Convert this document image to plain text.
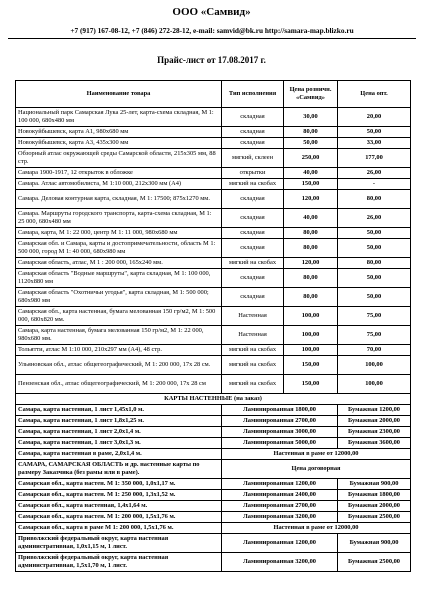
ООО «Самвид»
+7 (917) 167-08-12, +7 (846) 272-28-12, e-mail: samvid@bk.ru http://samara-map.blizko.ru
Прайс-лист от 17.08.2017 г.
Наименование товара	Тип исполнения	Цена розничн. «Самвид»	Цена опт.
Национальный парк Самарская Лука 25-лет, карта-схема складная, М 1: 100 000, 680x480 мм	складная	30,00	20,00
Новокуйбышевск, карта А1, 980x680 мм	складная	80,00	50,00
Новокуйбышевск, карта А3, 435x300 мм	складная	50,00	33,00
Обзорный атлас окружающей среды Самарской области, 215x305 мм, 88 стр.	мягкий, склеен	250,00	177,00
Самара 1900-1917, 12 открыток в обложке	открытки	40,00	26,00
Самара. Атлас автомобилиста, М 1:10 000, 212x300 мм (А4)	мягкий на скобах	150,00	-
Самара. Деловая контурная карта, складная, М 1: 17500; 875x1270 мм.	складная	120,00	80,00
Самара. Маршруты городского транспорта, карта-схема складная, М 1: 25 000, 680x480 мм	складная	40,00	26,00
Самара, карта, М 1: 22 000, центр М 1: 11 000, 980x680 мм	складная	80,00	50,00
Самарская обл. и Самара, карты и достопримечательности, область М 1: 500 000, город М 1: 40 000, 680x980 мм	складная	80,00	50,00
Самарская область, атлас, М 1 : 200 000, 165x240 мм.	мягкий на скобах	120,00	80,00
Самарская область "Водные маршруты", карта складная, М 1: 100 000, 1120x880 мм	складная	80,00	50,00
Самарская область "Охотничьи угодья", карта складная, М 1: 500 000; 680x980 мм	складная	80,00	50,00
Самарская обл., карта настенная, бумага мелованная 150 гр/м2, М 1: 500 000, 680x820 мм.	Настенная	100,00	75,00
Самара, карта настенная, бумага мелованная 150 гр/м2, М 1: 22 000, 980x680 мм.	Настенная	100,00	75,00
Тольятти, атлас М 1:10 000, 210x297 мм (А4), 48 стр.	мягкий на скобах	100,00	70,00
Ульяновская обл., атлас общегеографический, М 1: 200 000, 17x 28 см.	мягкий на скобах	150,00	100,00
Пензенская обл., атлас общегеографический, М 1: 200 000, 17x 28 см	мягкий на скобах	150,00	100,00
КАРТЫ НАСТЕННЫЕ (на заказ)			
Самара, карта настенная, 1 лист 1,45x1,0 м.	Ламинированная 1800,00		Бумажная 1200,00
Самара, карта настенная, 1 лист 1,8x1,25 м.	Ламинированная 2700,00		Бумажная 2000,00
Самара, карта настенная, 1 лист 2,0x1,4 м.	Ламинированная 3000,00		Бумажная 2300,00
Самара, карта настенная, 1 лист 3,0x1,3 м.	Ламинированная 5000,00		Бумажная 3600,00
Самара, карта настенная в раме, 2,0x1,4 м.	Настенная в раме от 12000,00		
САМАРА, САМАРСКАЯ ОБЛАСТЬ и др. настенные карты по размеру Заказчика (без рамы или в раме).	Цена договорная		
Самарская обл., карта настен. М 1: 350 000, 1,0x1,17 м.	Ламинированная 1200,00		Бумажная 900,00
Самарская обл., карта настен. М 1: 250 000, 1,3x1,52 м.	Ламинированная 2400,00		Бумажная 1800,00
Самарская обл., карта настенная, 1,4x1,64 м.	Ламинированная 2700,00		Бумажная 2000,00
Самарская обл., карта настен. М 1: 200 000, 1,5x1,76 м.	Ламинированная 3200,00		Бумажная 2500,00
Самарская обл., карта в раме М 1: 200 000, 1,5x1,76 м.	Настенная в раме от 12000,00		
Приволжский федеральный округ, карта настенная административная, 1,0x1,15 м, 1 лист.	Ламинированная 1200,00		Бумажная 900,00
Приволжский федеральный округ, карта настенная административная, 1,5x1,70 м, 1 лист.	Ламинированная 3200,00		Бумажная 2500,00
